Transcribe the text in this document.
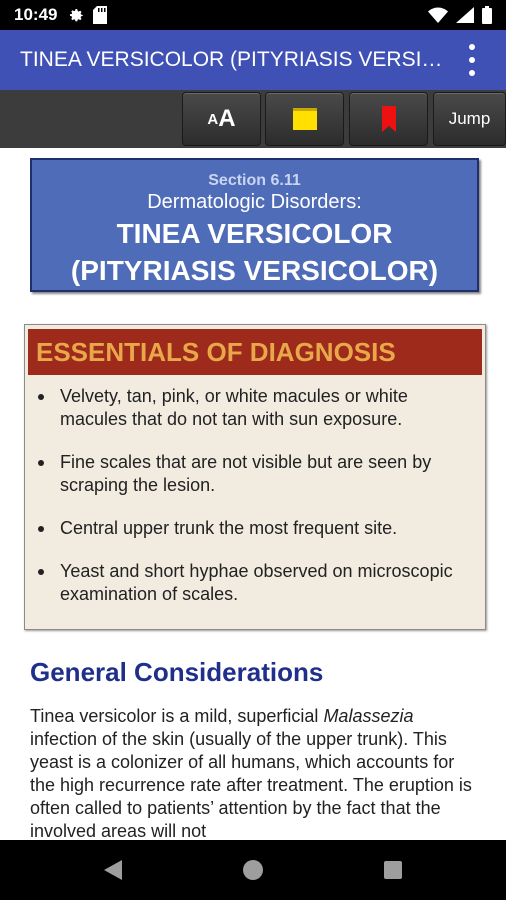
10:49
TINEA VERSICOLOR (PITYRIASIS VERSI…
A A	Jump
Section 6.11
Dermatologic Disorders:
TINEA VERSICOLOR
(PITYRIASIS VERSICOLOR)
ESSENTIALS OF DIAGNOSIS
Velvety, tan, pink, or white macules or white macules that do not tan with sun exposure.
Fine scales that are not visible but are seen by scraping the lesion.
Central upper trunk the most frequent site.
Yeast and short hyphae observed on microscopic examination of scales.
General Considerations
Tinea versicolor is a mild, superficial Malassezia infection of the skin (usually of the upper trunk). This yeast is a colonizer of all humans, which accounts for the high recurrence rate after treatment. The eruption is often called to patients’ attention by the fact that the involved areas will not
